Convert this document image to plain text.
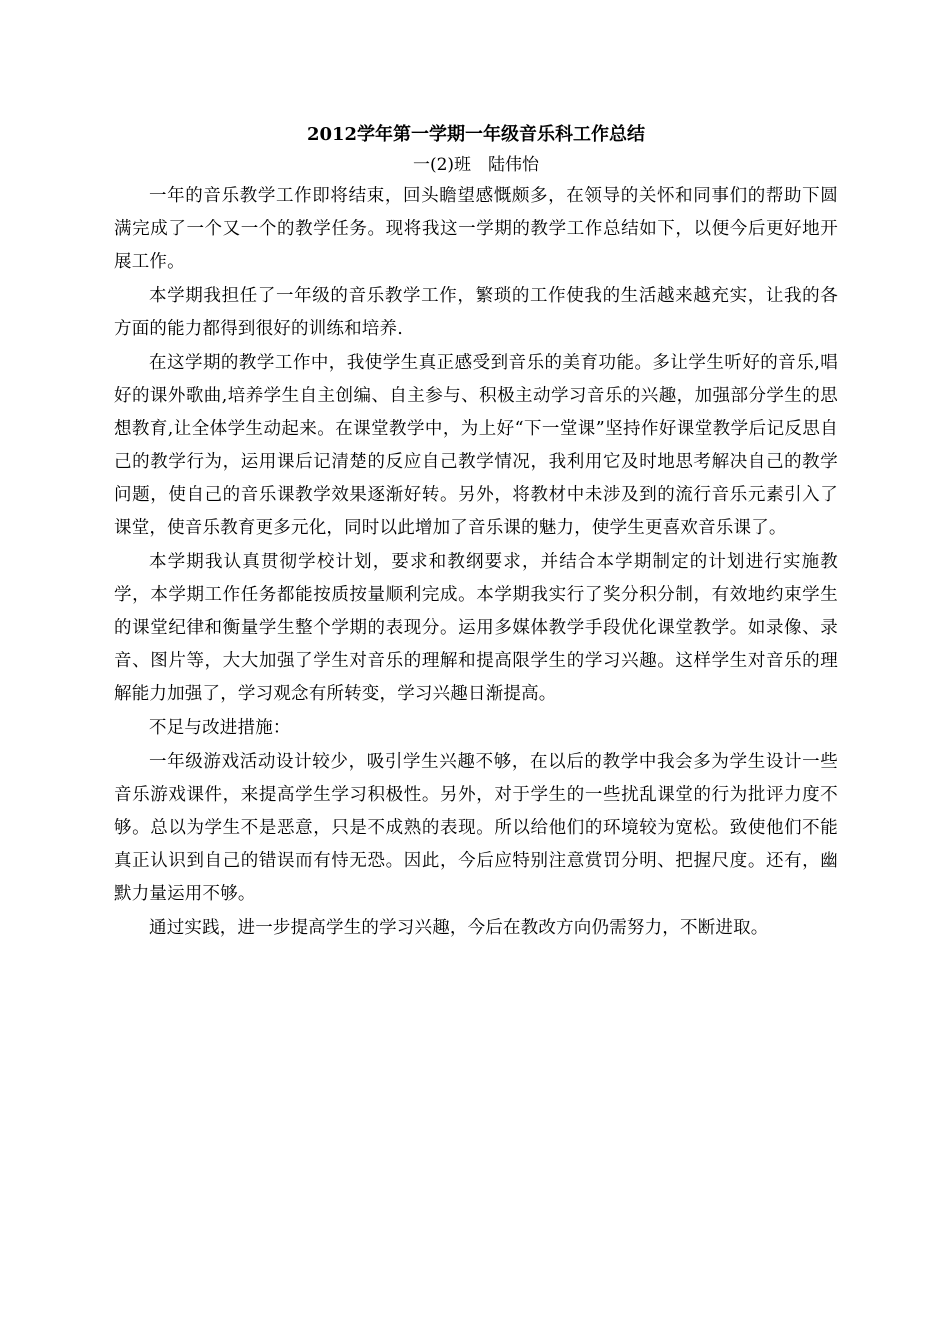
2012学年第一学期一年级音乐科工作总结

一(2)班　陆伟怡

一年的音乐教学工作即将结束，回头瞻望感慨颇多，在领导的关怀和同事们的帮助下圆满完成了一个又一个的教学任务。现将我这一学期的教学工作总结如下，以便今后更好地开展工作。

本学期我担任了一年级的音乐教学工作，繁琐的工作使我的生活越来越充实，让我的各方面的能力都得到很好的训练和培养.

在这学期的教学工作中，我使学生真正感受到音乐的美育功能。多让学生听好的音乐,唱好的课外歌曲,培养学生自主创编、自主参与、积极主动学习音乐的兴趣，加强部分学生的思想教育,让全体学生动起来。在课堂教学中，为上好“下一堂课”坚持作好课堂教学后记反思自己的教学行为，运用课后记清楚的反应自己教学情况，我利用它及时地思考解决自己的教学问题，使自己的音乐课教学效果逐渐好转。另外，将教材中未涉及到的流行音乐元素引入了课堂，使音乐教育更多元化，同时以此增加了音乐课的魅力，使学生更喜欢音乐课了。

本学期我认真贯彻学校计划，要求和教纲要求，并结合本学期制定的计划进行实施教学，本学期工作任务都能按质按量顺利完成。本学期我实行了奖分积分制，有效地约束学生的课堂纪律和衡量学生整个学期的表现分。运用多媒体教学手段优化课堂教学。如录像、录音、图片等，大大加强了学生对音乐的理解和提高限学生的学习兴趣。这样学生对音乐的理解能力加强了，学习观念有所转变，学习兴趣日渐提高。

不足与改进措施：

一年级游戏活动设计较少，吸引学生兴趣不够，在以后的教学中我会多为学生设计一些音乐游戏课件，来提高学生学习积极性。另外，对于学生的一些扰乱课堂的行为批评力度不够。总以为学生不是恶意，只是不成熟的表现。所以给他们的环境较为宽松。致使他们不能真正认识到自己的错误而有恃无恐。因此，今后应特别注意赏罚分明、把握尺度。还有，幽默力量运用不够。

通过实践，进一步提高学生的学习兴趣，今后在教改方向仍需努力，不断进取。
